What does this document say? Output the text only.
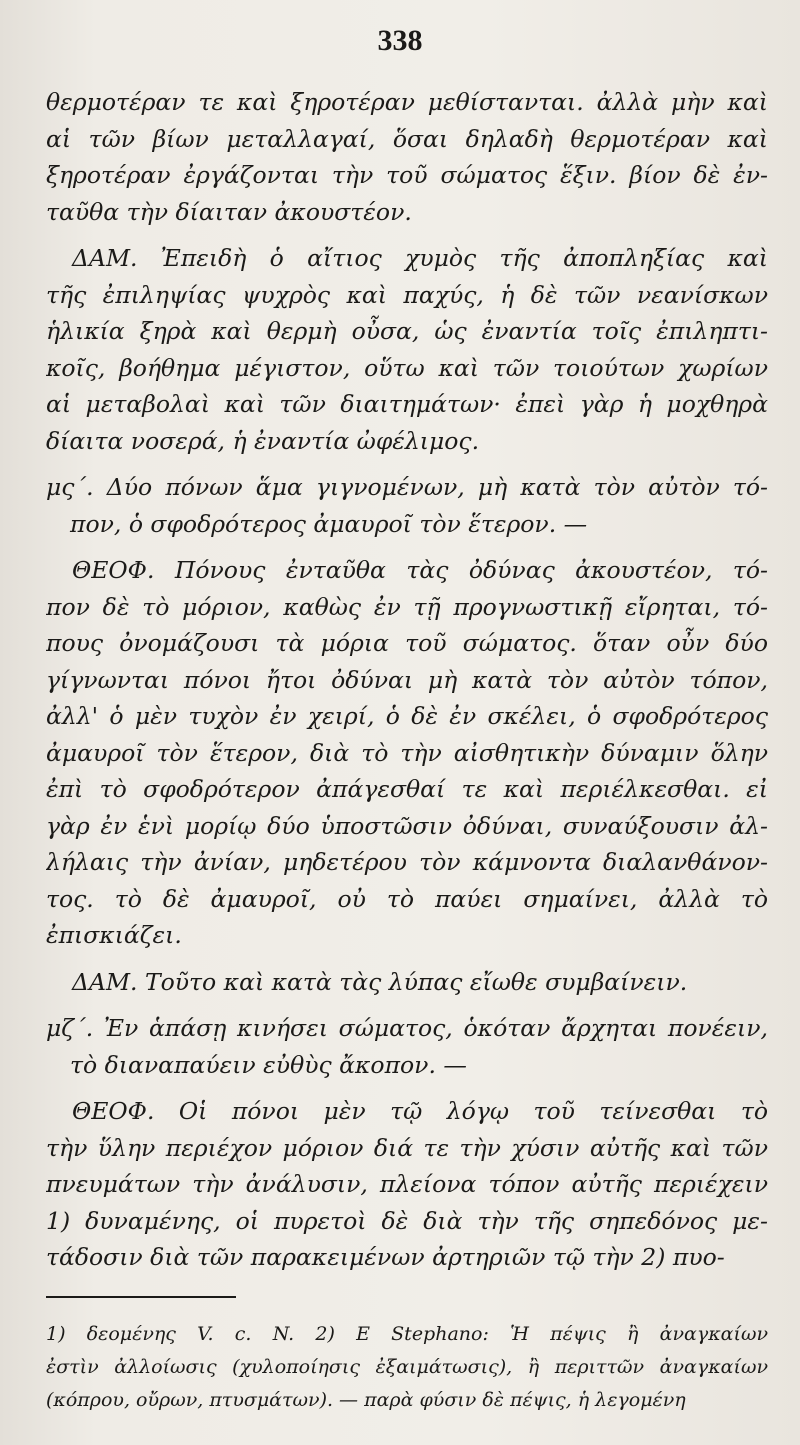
338
θερμοτέραν τε καὶ ξηροτέραν μεθίστανται. ἀλλὰ μὴν καὶ
αἱ τῶν βίων μεταλλαγαί, ὅσαι δηλαδὴ θερμοτέραν καὶ
ξηροτέραν ἐργάζονται τὴν τοῦ σώματος ἕξιν. βίον δὲ ἐν-
ταῦθα τὴν δίαιταν ἀκουστέον.
ΔΑΜ. Ἐπειδὴ ὁ αἴτιος χυμὸς τῆς ἀποπληξίας καὶ
τῆς ἐπιληψίας ψυχρὸς καὶ παχύς, ἡ δὲ τῶν νεανίσκων
ἡλικία ξηρὰ καὶ θερμὴ οὖσα, ὡς ἐναντία τοῖς ἐπιληπτι-
κοῖς, βοήθημα μέγιστον, οὕτω καὶ τῶν τοιούτων χωρίων
αἱ μεταβολαὶ καὶ τῶν διαιτημάτων· ἐπεὶ γὰρ ἡ μοχθηρὰ
δίαιτα νοσερά, ἡ ἐναντία ὠφέλιμος.
μς΄. Δύο πόνων ἅμα γιγνομένων, μὴ κατὰ τὸν αὐτὸν τό-
πον, ὁ σφοδρότερος ἀμαυροῖ τὸν ἕτερον. —
ΘΕΟΦ. Πόνους ἐνταῦθα τὰς ὀδύνας ἀκουστέον, τό-
πον δὲ τὸ μόριον, καθὼς ἐν τῇ προγνωστικῇ εἴρηται, τό-
πους ὀνομάζουσι τὰ μόρια τοῦ σώματος. ὅταν οὖν δύο
γίγνωνται πόνοι ἤτοι ὀδύναι μὴ κατὰ τὸν αὐτὸν τόπον,
ἀλλ' ὁ μὲν τυχὸν ἐν χειρί, ὁ δὲ ἐν σκέλει, ὁ σφοδρότερος
ἀμαυροῖ τὸν ἕτερον, διὰ τὸ τὴν αἰσθητικὴν δύναμιν ὅλην
ἐπὶ τὸ σφοδρότερον ἀπάγεσθαί τε καὶ περιέλκεσθαι. εἰ
γὰρ ἐν ἑνὶ μορίῳ δύο ὑποστῶσιν ὀδύναι, συναύξουσιν ἀλ-
λήλαις τὴν ἀνίαν, μηδετέρου τὸν κάμνοντα διαλανθάνον-
τος. τὸ δὲ ἀμαυροῖ, οὐ τὸ παύει σημαίνει, ἀλλὰ τὸ
ἐπισκιάζει.
ΔΑΜ. Τοῦτο καὶ κατὰ τὰς λύπας εἴωθε συμβαίνειν.
μζ΄. Ἐν ἁπάσῃ κινήσει σώματος, ὁκόταν ἄρχηται πονέειν,
τὸ διαναπαύειν εὐθὺς ἄκοπον. —
ΘΕΟΦ. Οἱ πόνοι μὲν τῷ λόγῳ τοῦ τείνεσθαι τὸ
τὴν ὕλην περιέχον μόριον διά τε τὴν χύσιν αὐτῆς καὶ τῶν
πνευμάτων τὴν ἀνάλυσιν, πλείονα τόπον αὐτῆς περιέχειν
1) δυναμένης, οἱ πυρετοὶ δὲ διὰ τὴν τῆς σηπεδόνος με-
τάδοσιν διὰ τῶν παρακειμένων ἀρτηριῶν τῷ τὴν 2) πυο-
1) δεομένης V. c. N. 2) E Stephano: Ἡ πέψις ἢ ἀναγκαίων
ἐστὶν ἀλλοίωσις (χυλοποίησις ἐξαιμάτωσις), ἢ περιττῶν ἀναγκαίων
(κόπρου, οὔρων, πτυσμάτων). — παρὰ φύσιν δὲ πέψις, ἡ λεγομένη
